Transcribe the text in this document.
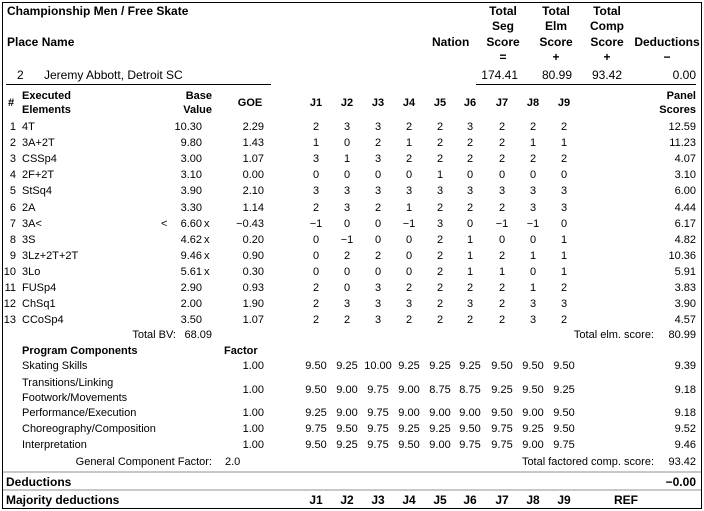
Championship Men / Free Skate
Place Name	Nation
Total
Seg
Score
=
Total
Elm
Score
+
Total
Comp
Score
+
Deductions
−
2 Jeremy Abbott, Detroit SC	174.41	80.99	93.42	0.00
#
Executed
Elements
Base
Value
GOE	J1	J2	J3	J4	J5	J6	J7	J8	J9
Panel
Scores
1 4T	10.30	2.29	2	3	3	2	2	3	2	2	2	12.59
2 3A+2T	9.80	1.43	1	0	2	1	2	2	2	1	1	11.23
3 CSSp4	3.00	1.07	3	1	3	2	2	2	2	2	2	4.07
4 2F+2T	3.10	0.00	0	0	0	0	1	0	0	0	0	3.10
5 StSq4	3.90	2.10	3	3	3	3	3	3	3	3	3	6.00
6 2A	3.30	1.14	2	3	2	1	2	2	2	3	3	4.44
7 3A<	<	6.60 x	−0.43	−1	0	0	−1	3	0	−1	−1	0	6.17
8 3S	4.62 x	0.20	0	−1	0	0	2	1	0	0	1	4.82
9 3Lz+2T+2T	9.46 x	0.90	0	2	2	0	2	1	2	1	1	10.36
10 3Lo	5.61 x	0.30	0	0	0	0	2	1	1	0	1	5.91
11 FUSp4	2.90	0.93	2	0	3	2	2	2	2	1	2	3.83
12 ChSq1	2.00	1.90	2	3	3	3	2	3	2	3	3	3.90
13 CCoSp4	3.50	1.07	2	2	3	2	2	2	2	3	2	4.57
Total BV: 68.09	Total elm. score:	80.99
Program Components	Factor
Skating Skills	1.00	9.50 9.25 10.00 9.25 9.25 9.25 9.50 9.50 9.50	9.39
Transitions/Linking
Footwork/Movements
1.00	9.50 9.00 9.75 9.00 8.75 8.75 9.25 9.50 9.25	9.18
Performance/Execution	1.00	9.25 9.00 9.75 9.00 9.00 9.00 9.50 9.00 9.50	9.18
Choreography/Composition	1.00	9.75 9.50 9.75 9.25 9.25 9.50 9.75 9.25 9.50	9.52
Interpretation	1.00	9.50 9.25 9.75 9.50 9.00 9.75 9.75 9.00 9.75	9.46
General Component Factor: 2.0	Total factored comp. score:	93.42
Deductions	−0.00
Majority deductions	J1	J2	J3	J4	J5	J6	J7	J8	J9	REF
